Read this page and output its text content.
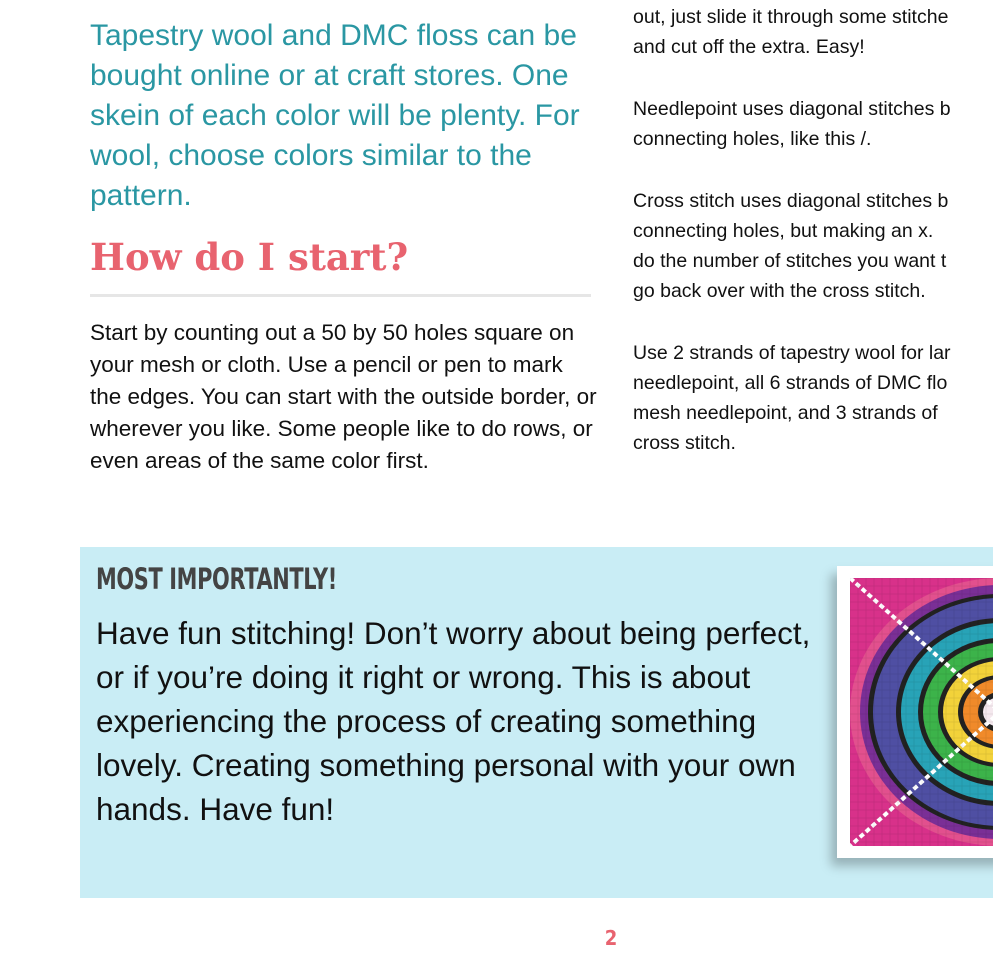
Tapestry wool and DMC floss can be bought online or at craft stores. One skein of each color will be plenty. For wool, choose colors similar to the pattern.

How do I start?

Start by counting out a 50 by 50 holes square on your mesh or cloth. Use a pencil or pen to mark the edges. You can start with the outside border, or wherever you like. Some people like to do rows, or even areas of the same color first.

out, just slide it through some stitche
and cut off the extra. Easy!

Needlepoint uses diagonal stitches b
connecting holes, like this /.

Cross stitch uses diagonal stitches b
connecting holes, but making an x.
do the number of stitches you want t
go back over with the cross stitch.

Use 2 strands of tapestry wool for lar
needlepoint, all 6 strands of DMC flo
mesh needlepoint, and 3 strands of
cross stitch.

MOST IMPORTANTLY!

Have fun stitching! Don’t worry about being perfect, or if you’re doing it right or wrong. This is about experiencing the process of creating something lovely. Creating something personal with your own hands. Have fun!

2
